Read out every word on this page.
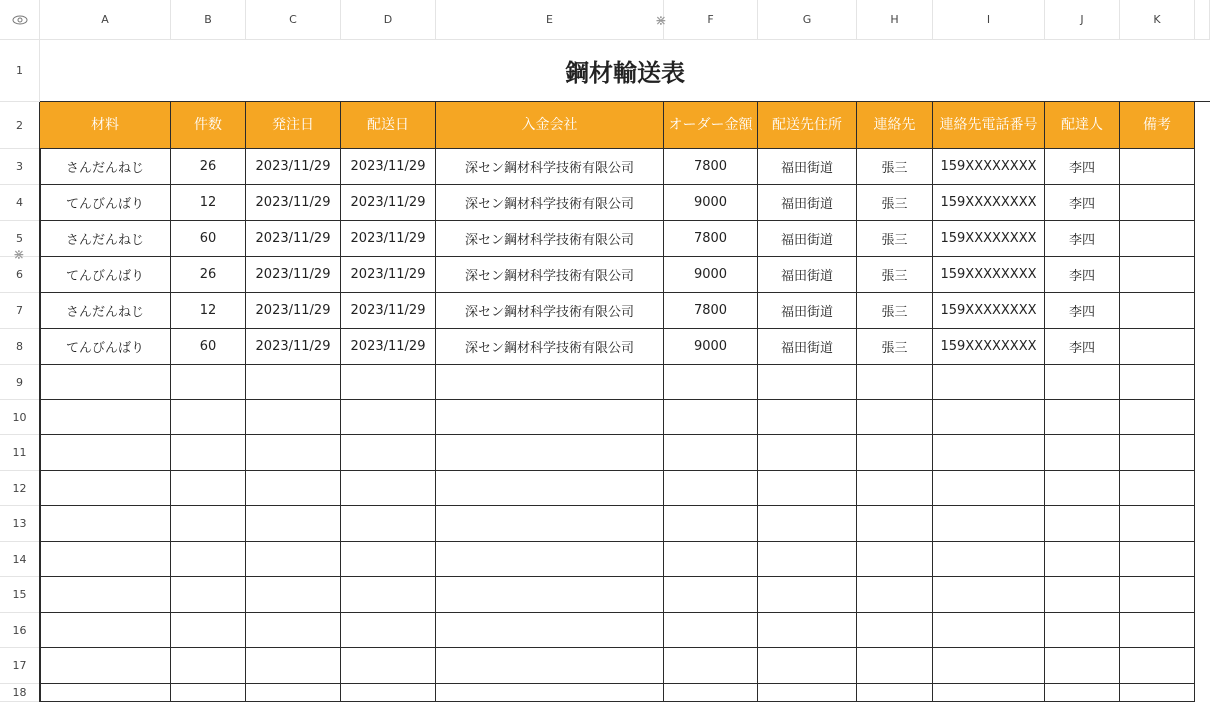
A	B	C	D	E	F	G	H	I	J	K
1
2
3
4
5
6
7
8
9
10
11
12
13
14
15
16
17
18
鋼材輸送表
材料	件数	発注日	配送日	入金会社	オーダー金額	配送先住所	連絡先	連絡先電話番号	配達人	備考
さんだんねじ	26	2023/11/29	2023/11/29	深セン鋼材科学技術有限公司	7800	福田街道	張三	159XXXXXXXX	李四
てんびんばり	12	2023/11/29	2023/11/29	深セン鋼材科学技術有限公司	9000	福田街道	張三	159XXXXXXXX	李四
さんだんねじ	60	2023/11/29	2023/11/29	深セン鋼材科学技術有限公司	7800	福田街道	張三	159XXXXXXXX	李四
てんびんばり	26	2023/11/29	2023/11/29	深セン鋼材科学技術有限公司	9000	福田街道	張三	159XXXXXXXX	李四
さんだんねじ	12	2023/11/29	2023/11/29	深セン鋼材科学技術有限公司	7800	福田街道	張三	159XXXXXXXX	李四
てんびんばり	60	2023/11/29	2023/11/29	深セン鋼材科学技術有限公司	9000	福田街道	張三	159XXXXXXXX	李四
⋇
⋇
